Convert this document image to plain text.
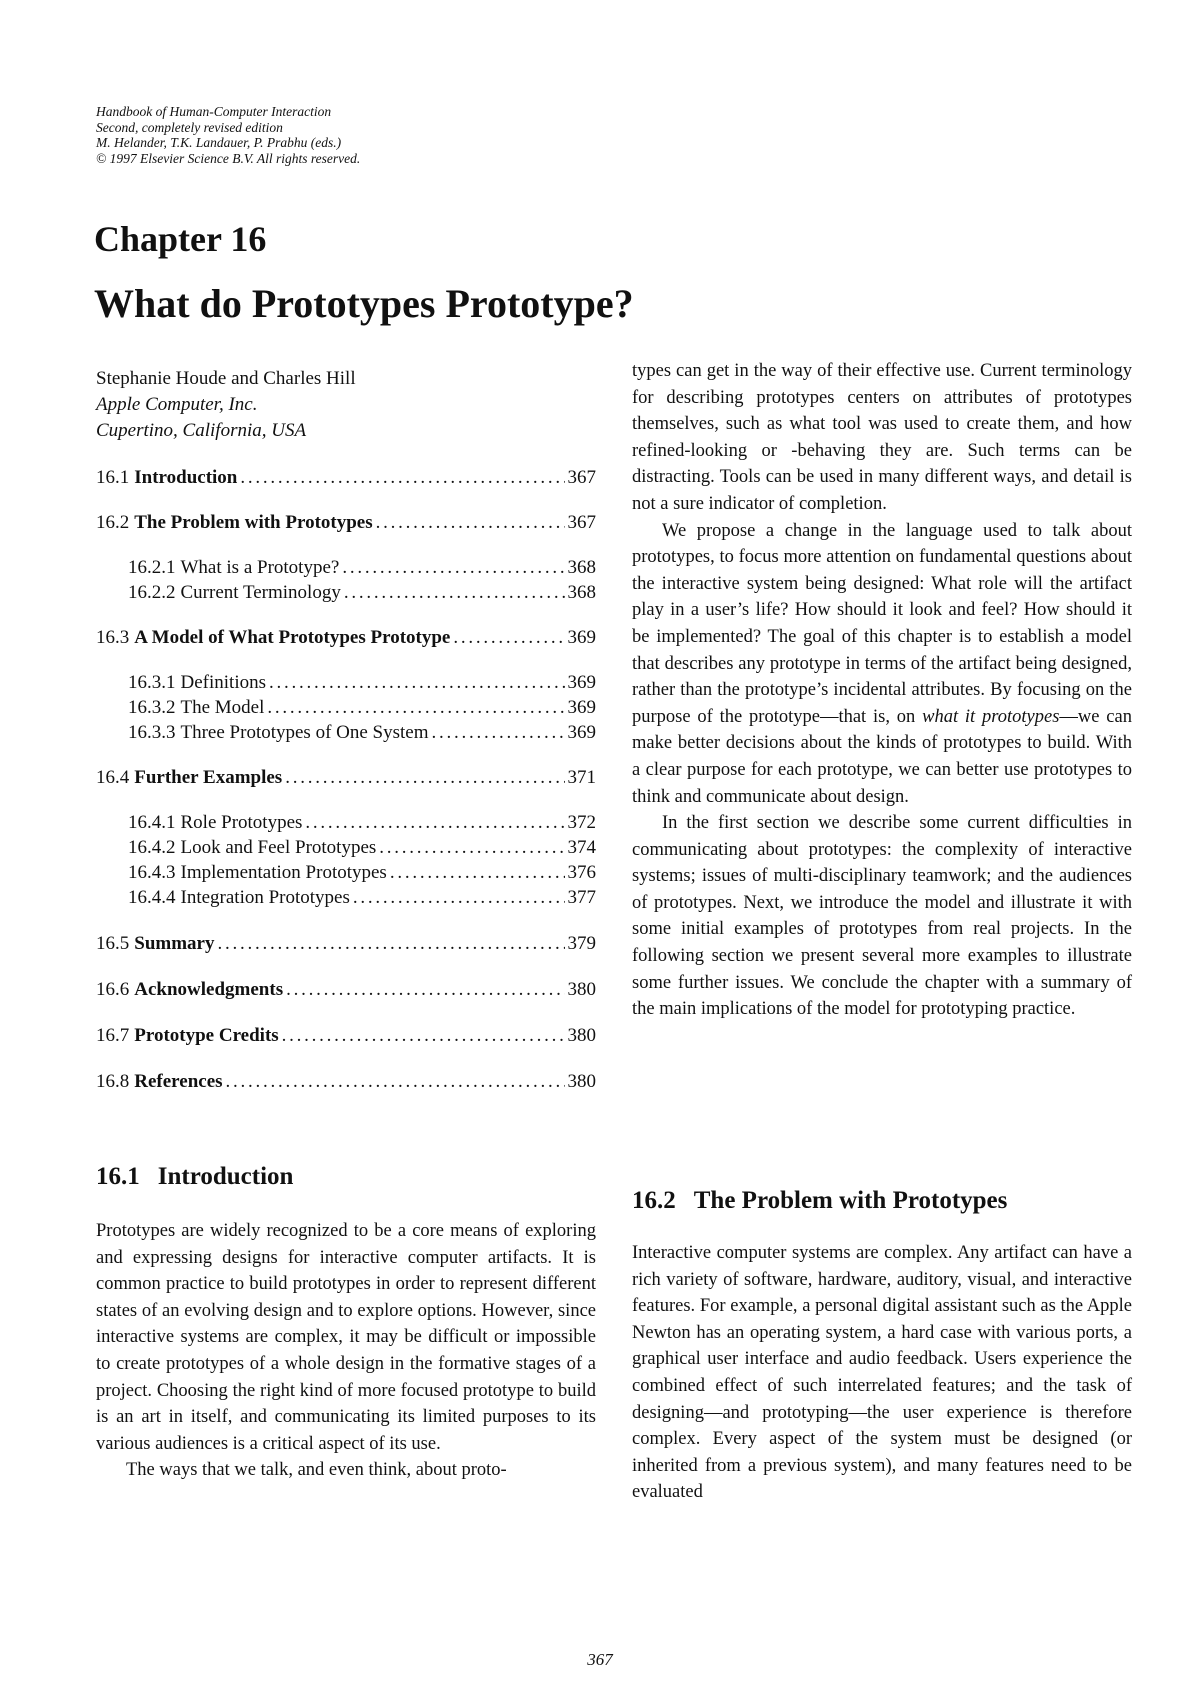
Handbook of Human-Computer Interaction
Second, completely revised edition
M. Helander, T.K. Landauer, P. Prabhu (eds.)
© 1997 Elsevier Science B.V. All rights reserved.
Chapter 16
What do Prototypes Prototype?
Stephanie Houde and Charles Hill
Apple Computer, Inc.
Cupertino, California, USA
16.1 Introduction . . .	367
16.2 The Problem with Prototypes . . .	367
16.2.1 What is a Prototype? . . .	368
16.2.2 Current Terminology . . .	368
16.3 A Model of What Prototypes Prototype . . .	369
16.3.1 Definitions . . .	369
16.3.2 The Model . . .	369
16.3.3 Three Prototypes of One System . . .	369
16.4 Further Examples . . .	371
16.4.1 Role Prototypes . . .	372
16.4.2 Look and Feel Prototypes . . .	374
16.4.3 Implementation Prototypes . . .	376
16.4.4 Integration Prototypes . . .	377
16.5 Summary . . .	379
16.6 Acknowledgments . . .	380
16.7 Prototype Credits . . .	380
16.8 References . . .	380
16.1 Introduction

Prototypes are widely recognized to be a core means of exploring and expressing designs for interactive computer artifacts. It is common practice to build prototypes in order to represent different states of an evolving design and to explore options. However, since interactive systems are complex, it may be difficult or impossible to create prototypes of a whole design in the formative stages of a project. Choosing the right kind of more focused prototype to build is an art in itself, and communicating its limited purposes to its various audiences is a critical aspect of its use.

The ways that we talk, and even think, about proto-

types can get in the way of their effective use. Current terminology for describing prototypes centers on attributes of prototypes themselves, such as what tool was used to create them, and how refined-looking or -behaving they are. Such terms can be distracting. Tools can be used in many different ways, and detail is not a sure indicator of completion.

We propose a change in the language used to talk about prototypes, to focus more attention on fundamental questions about the interactive system being designed: What role will the artifact play in a user’s life? How should it look and feel? How should it be implemented? The goal of this chapter is to establish a model that describes any prototype in terms of the artifact being designed, rather than the prototype’s incidental attributes. By focusing on the purpose of the prototype—that is, on what it prototypes—we can make better decisions about the kinds of prototypes to build. With a clear purpose for each prototype, we can better use prototypes to think and communicate about design.

In the first section we describe some current difficulties in communicating about prototypes: the complexity of interactive systems; issues of multi-disciplinary teamwork; and the audiences of prototypes. Next, we introduce the model and illustrate it with some initial examples of prototypes from real projects. In the following section we present several more examples to illustrate some further issues. We conclude the chapter with a summary of the main implications of the model for prototyping practice.

16.2 The Problem with Prototypes

Interactive computer systems are complex. Any artifact can have a rich variety of software, hardware, auditory, visual, and interactive features. For example, a personal digital assistant such as the Apple Newton has an operating system, a hard case with various ports, a graphical user interface and audio feedback. Users experience the combined effect of such interrelated features; and the task of designing—and prototyping—the user experience is therefore complex. Every aspect of the system must be designed (or inherited from a previous system), and many features need to be evaluated

367
